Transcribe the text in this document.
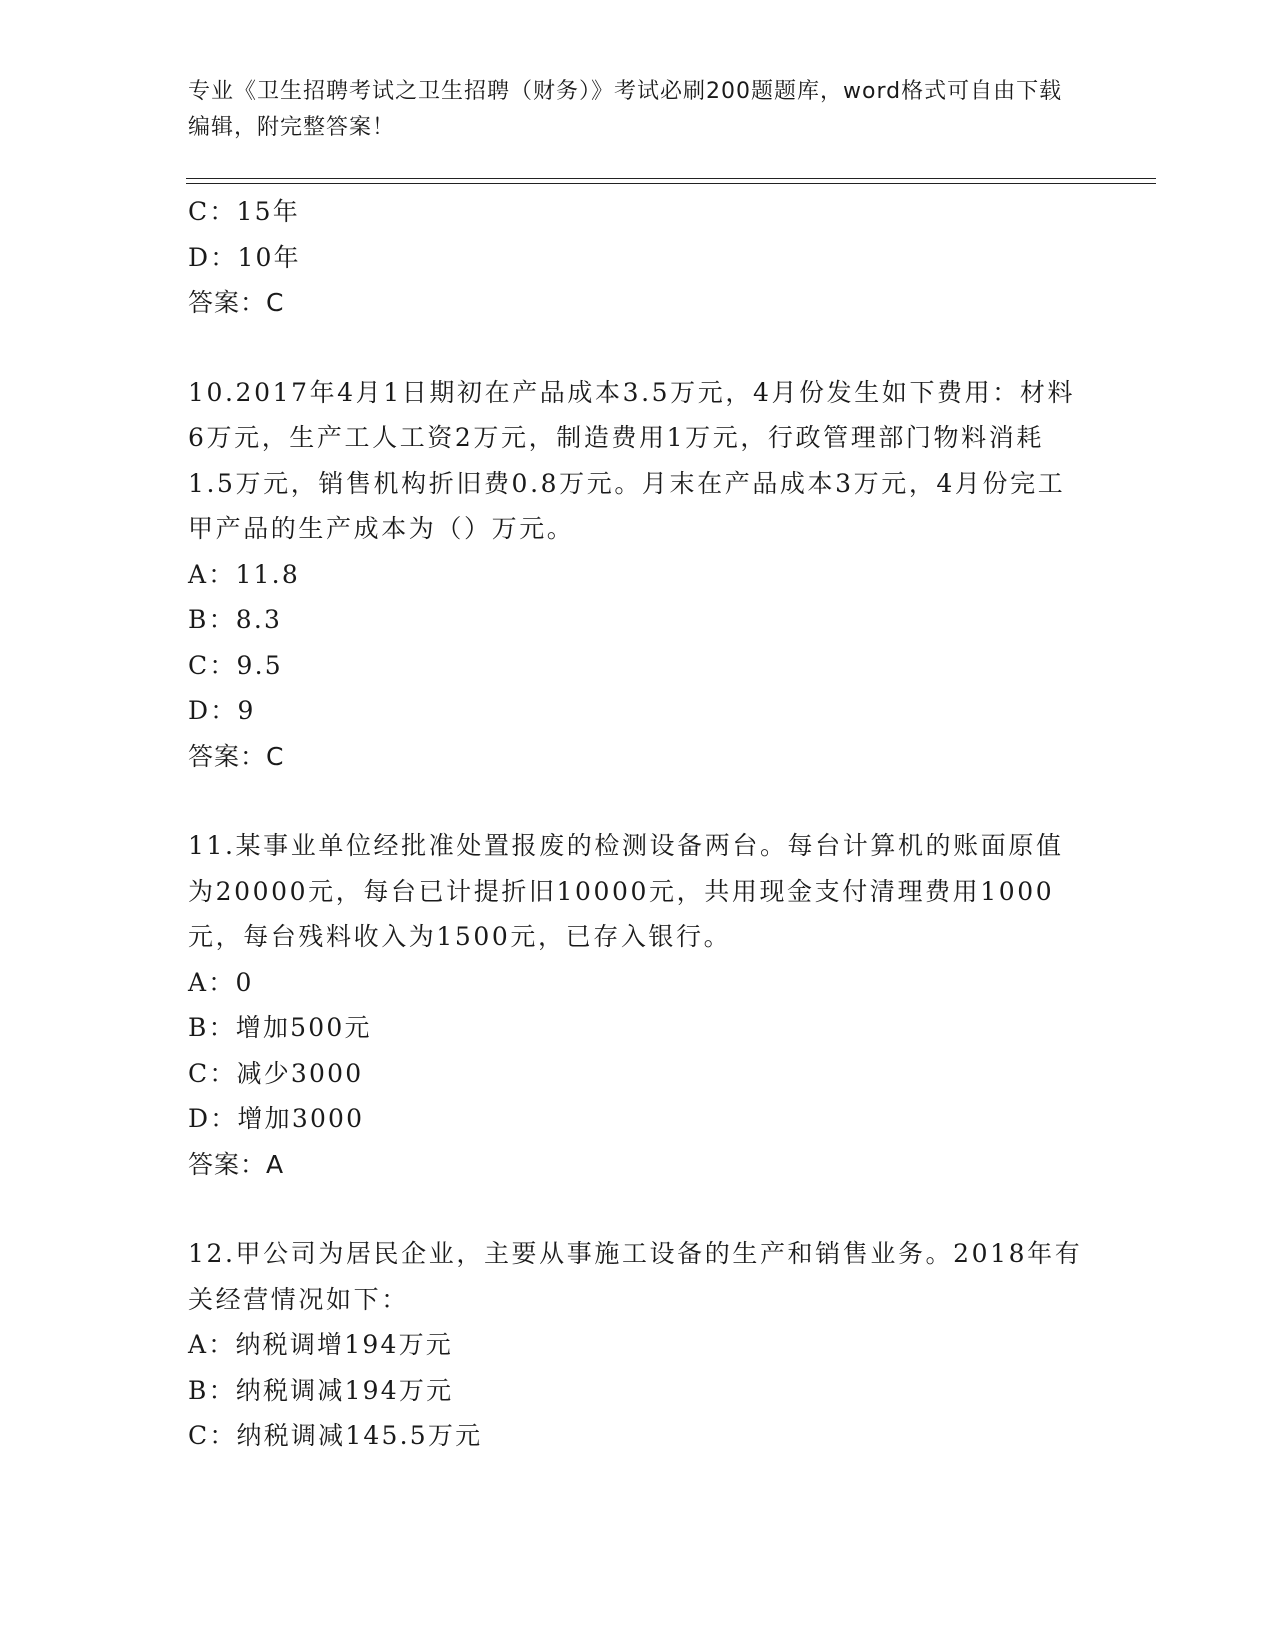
专业《卫生招聘考试之卫生招聘（财务）》考试必刷200题题库，word格式可自由下载编辑，附完整答案！
C：15年
D：10年
答案：C
10.2017年4月1日期初在产品成本3.5万元，4月份发生如下费用：材料6万元，生产工人工资2万元，制造费用1万元，行政管理部门物料消耗1.5万元，销售机构折旧费0.8万元。月末在产品成本3万元，4月份完工甲产品的生产成本为（）万元。
A：11.8
B：8.3
C：9.5
D：9
答案：C
11.某事业单位经批准处置报废的检测设备两台。每台计算机的账面原值为20000元，每台已计提折旧10000元，共用现金支付清理费用1000元，每台残料收入为1500元，已存入银行。
A：0
B：增加500元
C：减少3000
D：增加3000
答案：A
12.甲公司为居民企业，主要从事施工设备的生产和销售业务。2018年有关经营情况如下：
A：纳税调增194万元
B：纳税调减194万元
C：纳税调减145.5万元
